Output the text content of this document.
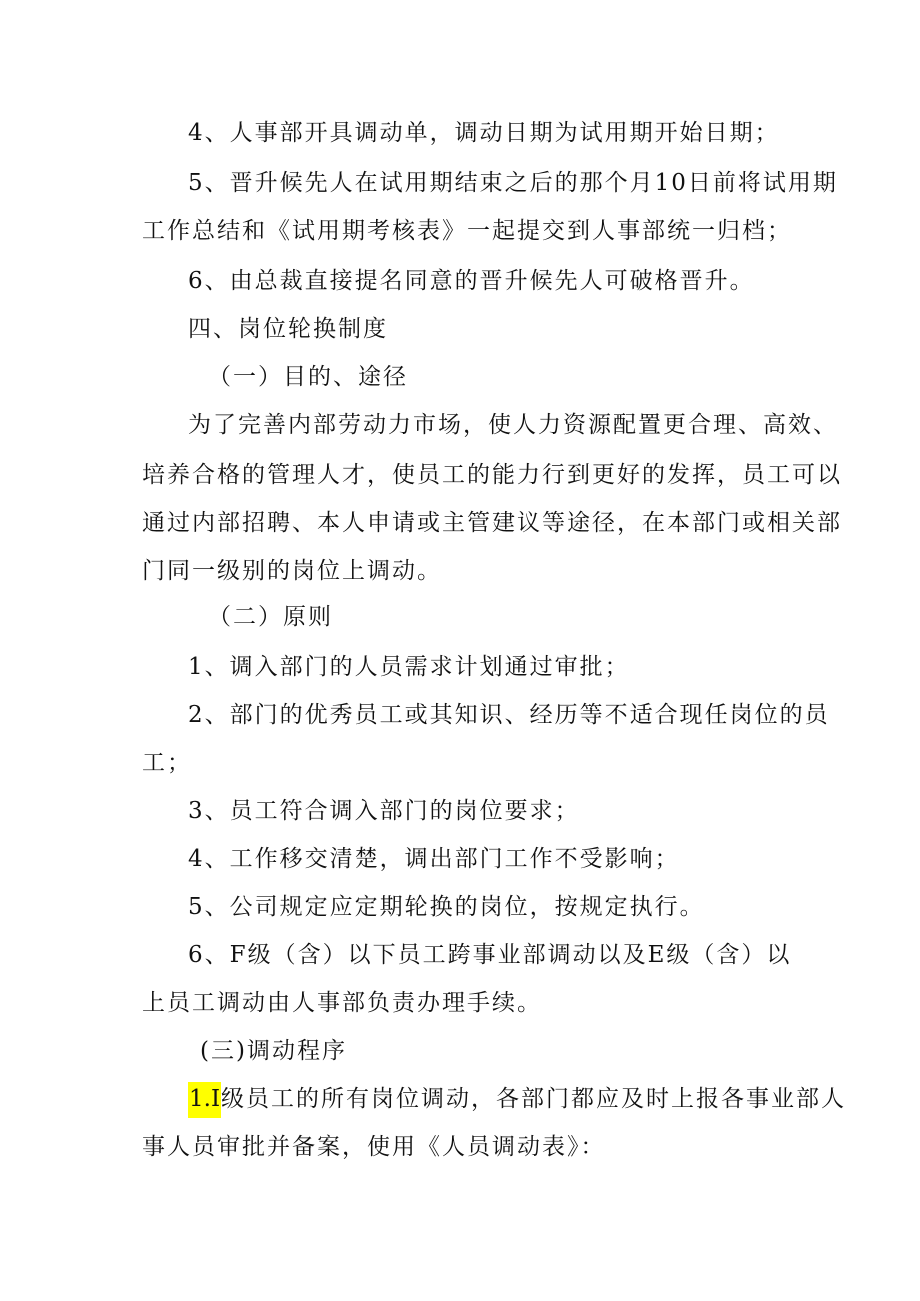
4、人事部开具调动单，调动日期为试用期开始日期；
5、晋升候先人在试用期结束之后的那个月10日前将试用期
工作总结和《试用期考核表》一起提交到人事部统一归档；
6、由总裁直接提名同意的晋升候先人可破格晋升。
四、岗位轮换制度
（一）目的、途径
为了完善内部劳动力市场，使人力资源配置更合理、高效、
培养合格的管理人才，使员工的能力行到更好的发挥，员工可以
通过内部招聘、本人申请或主管建议等途径，在本部门或相关部
门同一级别的岗位上调动。
（二）原则
1、调入部门的人员需求计划通过审批；
2、部门的优秀员工或其知识、经历等不适合现任岗位的员
工；
3、员工符合调入部门的岗位要求；
4、工作移交清楚，调出部门工作不受影响；
5、公司规定应定期轮换的岗位，按规定执行。
6、F级（含）以下员工跨事业部调动以及E级（含）以
上员工调动由人事部负责办理手续。
(三)调动程序
1.I级员工的所有岗位调动，各部门都应及时上报各事业部人
事人员审批并备案，使用《人员调动表》：
